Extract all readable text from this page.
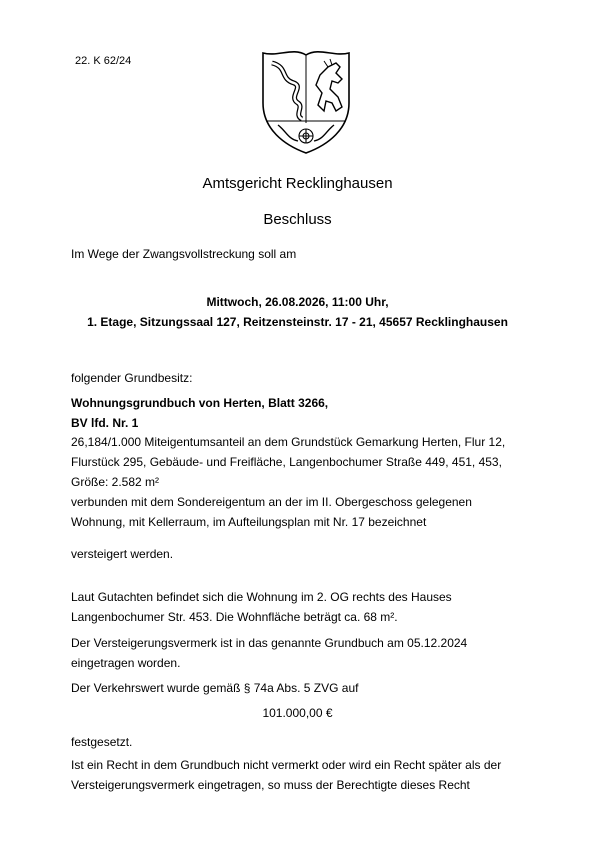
22. K 62/24
Amtsgericht Recklinghausen
Beschluss
Im Wege der Zwangsvollstreckung soll am
Mittwoch, 26.08.2026, 11:00 Uhr,
1. Etage, Sitzungssaal 127, Reitzensteinstr. 17 - 21, 45657 Recklinghausen
folgender Grundbesitz:
Wohnungsgrundbuch von Herten, Blatt 3266,
BV lfd. Nr. 1
26,184/1.000 Miteigentumsanteil an dem Grundstück Gemarkung Herten, Flur 12,
Flurstück 295, Gebäude- und Freifläche, Langenbochumer Straße 449, 451, 453,
Größe: 2.582 m²
verbunden mit dem Sondereigentum an der im II. Obergeschoss gelegenen
Wohnung, mit Kellerraum, im Aufteilungsplan mit Nr. 17 bezeichnet
versteigert werden.
Laut Gutachten befindet sich die Wohnung im 2. OG rechts des Hauses
Langenbochumer Str. 453. Die Wohnfläche beträgt ca. 68 m².
Der Versteigerungsvermerk ist in das genannte Grundbuch am 05.12.2024
eingetragen worden.
Der Verkehrswert wurde gemäß § 74a Abs. 5 ZVG auf
101.000,00 €
festgesetzt.
Ist ein Recht in dem Grundbuch nicht vermerkt oder wird ein Recht später als der
Versteigerungsvermerk eingetragen, so muss der Berechtigte dieses Recht
